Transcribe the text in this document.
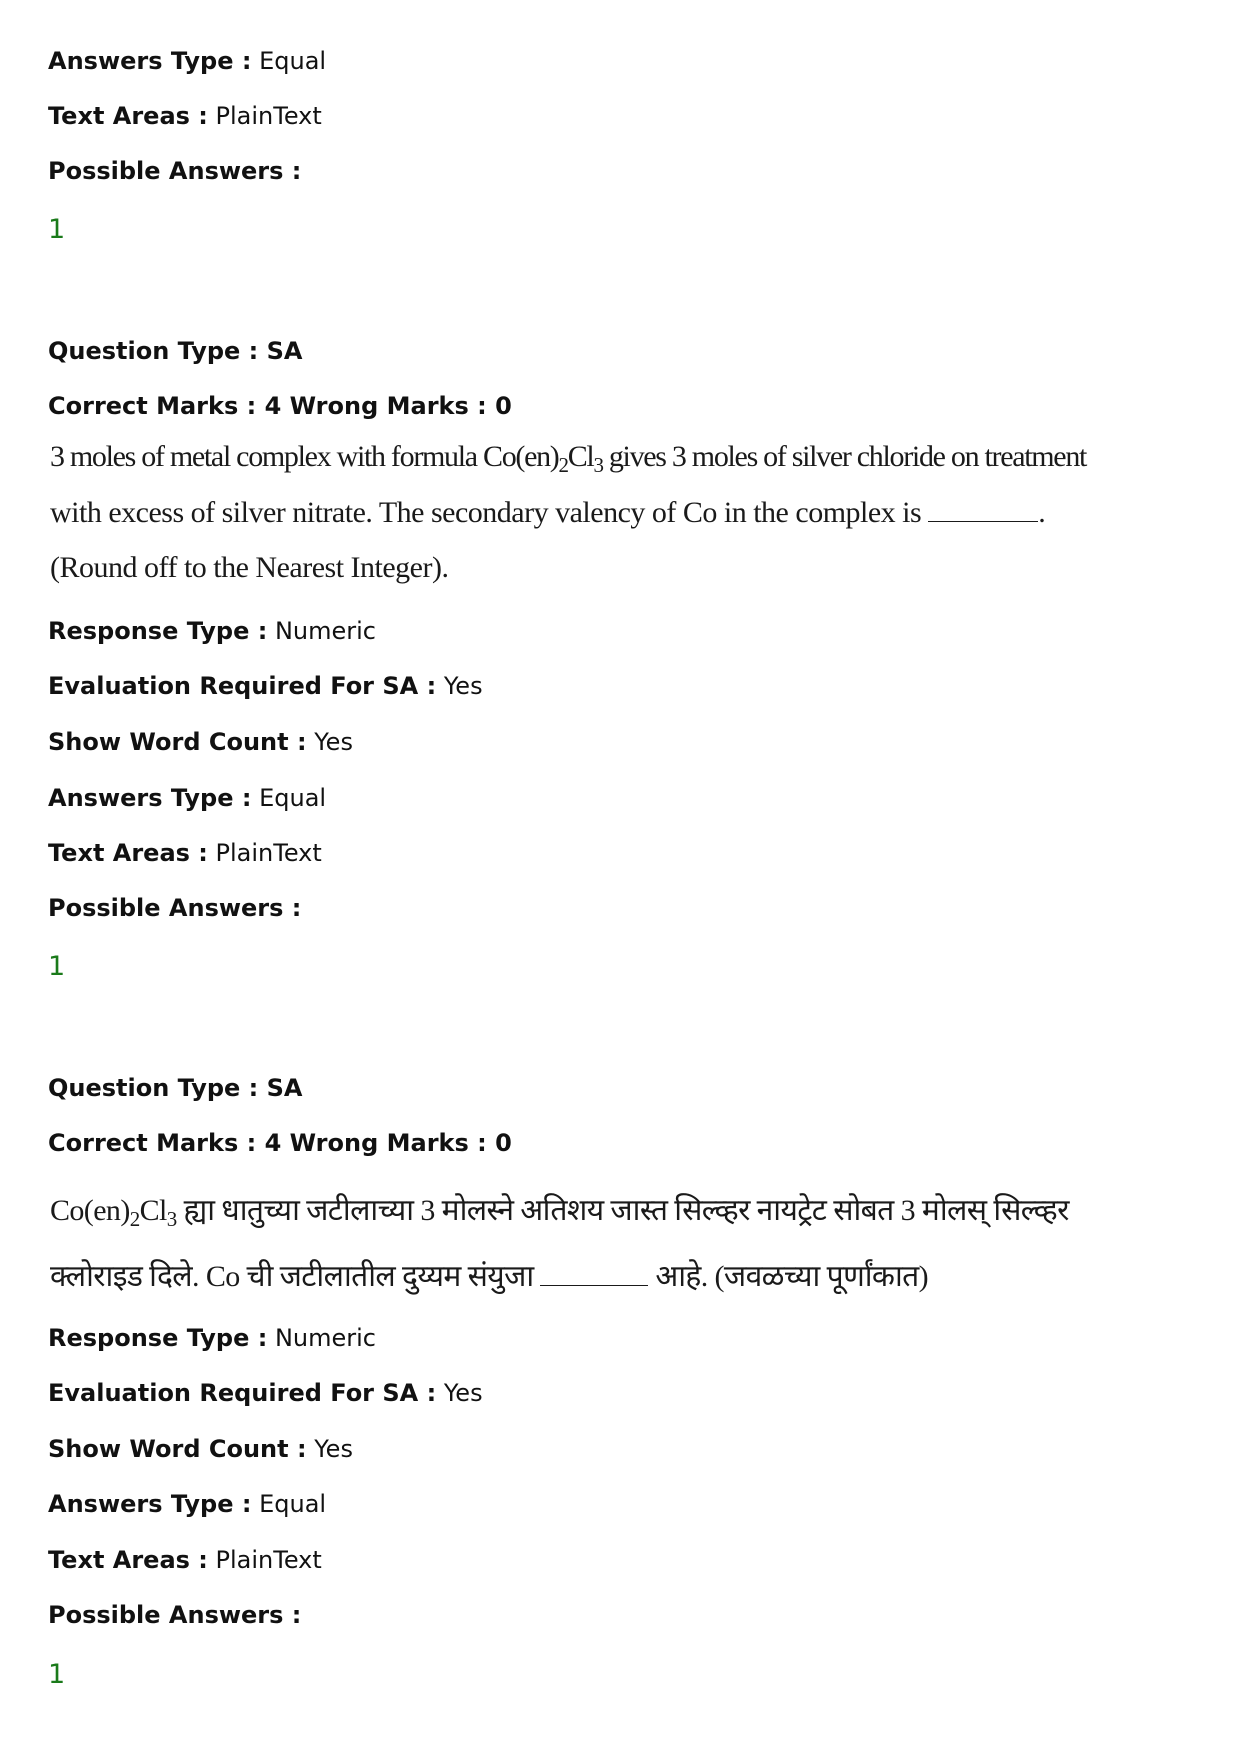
Answers Type : Equal
Text Areas : PlainText
Possible Answers :
1
Question Type : SA
Correct Marks : 4 Wrong Marks : 0
3 moles of metal complex with formula $Co(en)_2Cl_3$ gives 3 moles of silver chloride on treatment
with excess of silver nitrate. The secondary valency of Co in the complex is	.
(Round off to the Nearest Integer).
Response Type : Numeric
Evaluation Required For SA : Yes
Show Word Count : Yes
Answers Type : Equal
Text Areas : PlainText
Possible Answers :
1
Question Type : SA
Correct Marks : 4 Wrong Marks : 0
$Co(en)_2Cl_3$ ह्या धातुच्या जटीलाच्या 3 मोलस्ने अतिशय जास्त सिल्व्हर नायट्रेट सोबत 3 मोलस् सिल्व्हर
क्लोराइड दिले. Co ची जटीलातील दुय्यम संयुजा	आहे. (जवळच्या पूर्णांकात)
Response Type : Numeric
Evaluation Required For SA : Yes
Show Word Count : Yes
Answers Type : Equal
Text Areas : PlainText
Possible Answers :
1
